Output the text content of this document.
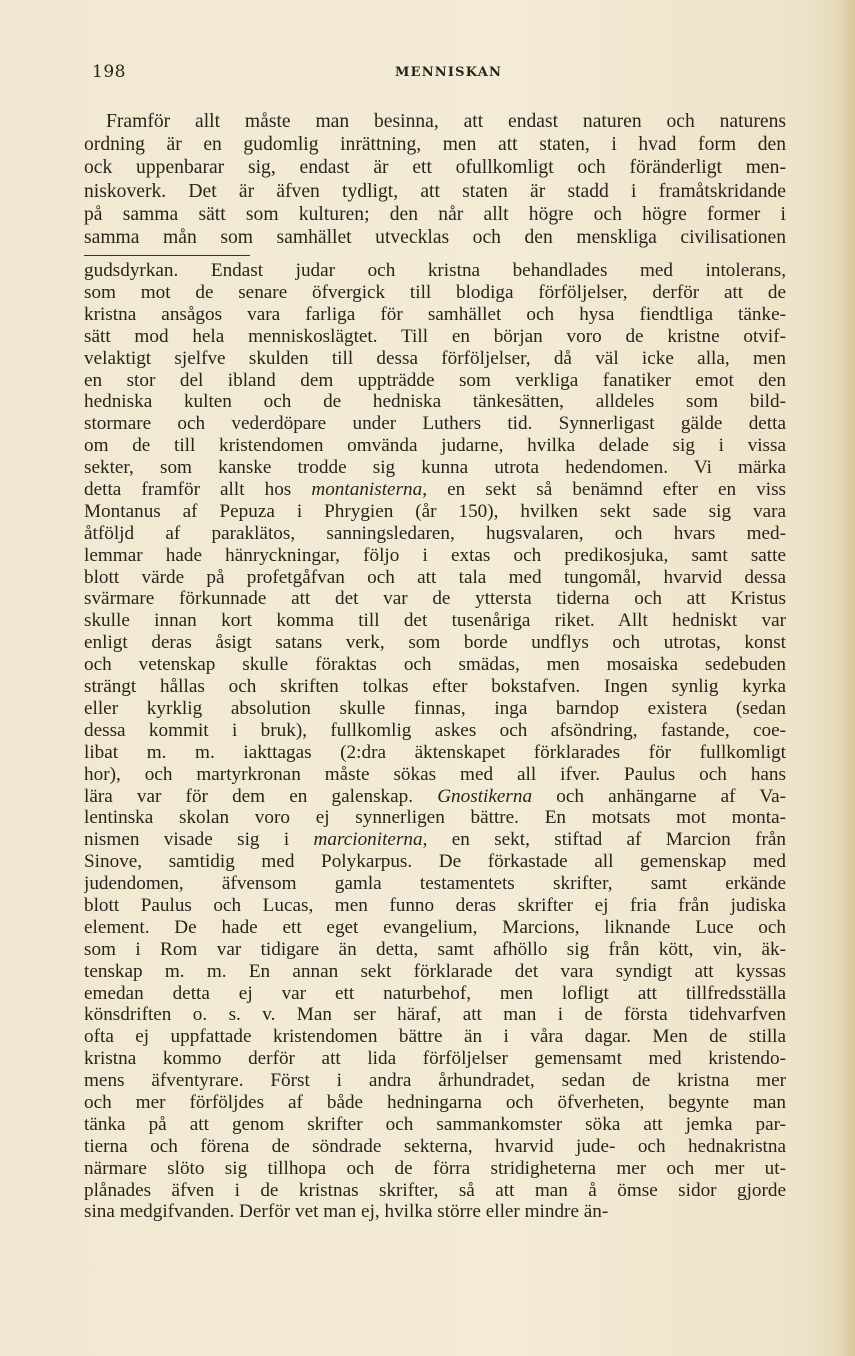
198	MENNISKAN
Framför allt måste man besinna, att endast naturen och naturens
ordning är en gudomlig inrättning, men att staten, i hvad form den
ock uppenbarar sig, endast är ett ofullkomligt och föränderligt men-
niskoverk. Det är äfven tydligt, att staten är stadd i framåtskridande
på samma sätt som kulturen; den når allt högre och högre former i
samma mån som samhället utvecklas och den menskliga civilisationen
gudsdyrkan. Endast judar och kristna behandlades med intolerans,
som mot de senare öfvergick till blodiga förföljelser, derför att de
kristna ansågos vara farliga för samhället och hysa fiendtliga tänke-
sätt mod hela menniskoslägtet. Till en början voro de kristne otvif-
velaktigt sjelfve skulden till dessa förföljelser, då väl icke alla, men
en stor del ibland dem uppträdde som verkliga fanatiker emot den
hedniska kulten och de hedniska tänkesätten, alldeles som bild-
stormare och vederdöpare under Luthers tid. Synnerligast gälde detta
om de till kristendomen omvända judarne, hvilka delade sig i vissa
sekter, som kanske trodde sig kunna utrota hedendomen. Vi märka
detta framför allt hos montanisterna, en sekt så benämnd efter en viss
Montanus af Pepuza i Phrygien (år 150), hvilken sekt sade sig vara
åtföljd af paraklätos, sanningsledaren, hugsvalaren, och hvars med-
lemmar hade hänryckningar, följo i extas och predikosjuka, samt satte
blott värde på profetgåfvan och att tala med tungomål, hvarvid dessa
svärmare förkunnade att det var de yttersta tiderna och att Kristus
skulle innan kort komma till det tusenåriga riket. Allt hedniskt var
enligt deras åsigt satans verk, som borde undflys och utrotas, konst
och vetenskap skulle föraktas och smädas, men mosaiska sedebuden
strängt hållas och skriften tolkas efter bokstafven. Ingen synlig kyrka
eller kyrklig absolution skulle finnas, inga barndop existera (sedan
dessa kommit i bruk), fullkomlig askes och afsöndring, fastande, coe-
libat m. m. iakttagas (2:dra äktenskapet förklarades för fullkomligt
hor), och martyrkronan måste sökas med all ifver. Paulus och hans
lära var för dem en galenskap. Gnostikerna och anhängarne af Va-
lentinska skolan voro ej synnerligen bättre. En motsats mot monta-
nismen visade sig i marcioniterna, en sekt, stiftad af Marcion från
Sinove, samtidig med Polykarpus. De förkastade all gemenskap med
judendomen, äfvensom gamla testamentets skrifter, samt erkände
blott Paulus och Lucas, men funno deras skrifter ej fria från judiska
element. De hade ett eget evangelium, Marcions, liknande Luce och
som i Rom var tidigare än detta, samt afhöllo sig från kött, vin, äk-
tenskap m. m. En annan sekt förklarade det vara syndigt att kyssas
emedan detta ej var ett naturbehof, men lofligt att tillfredsställa
könsdriften o. s. v. Man ser häraf, att man i de första tidehvarfven
ofta ej uppfattade kristendomen bättre än i våra dagar. Men de stilla
kristna kommo derför att lida förföljelser gemensamt med kristendo-
mens äfventyrare. Först i andra århundradet, sedan de kristna mer
och mer förföljdes af både hedningarna och öfverheten, begynte man
tänka på att genom skrifter och sammankomster söka att jemka par-
tierna och förena de söndrade sekterna, hvarvid jude- och hednakristna
närmare slöto sig tillhopa och de förra stridigheterna mer och mer ut-
plånades äfven i de kristnas skrifter, så att man å ömse sidor gjorde
sina medgifvanden. Derför vet man ej, hvilka större eller mindre än-
